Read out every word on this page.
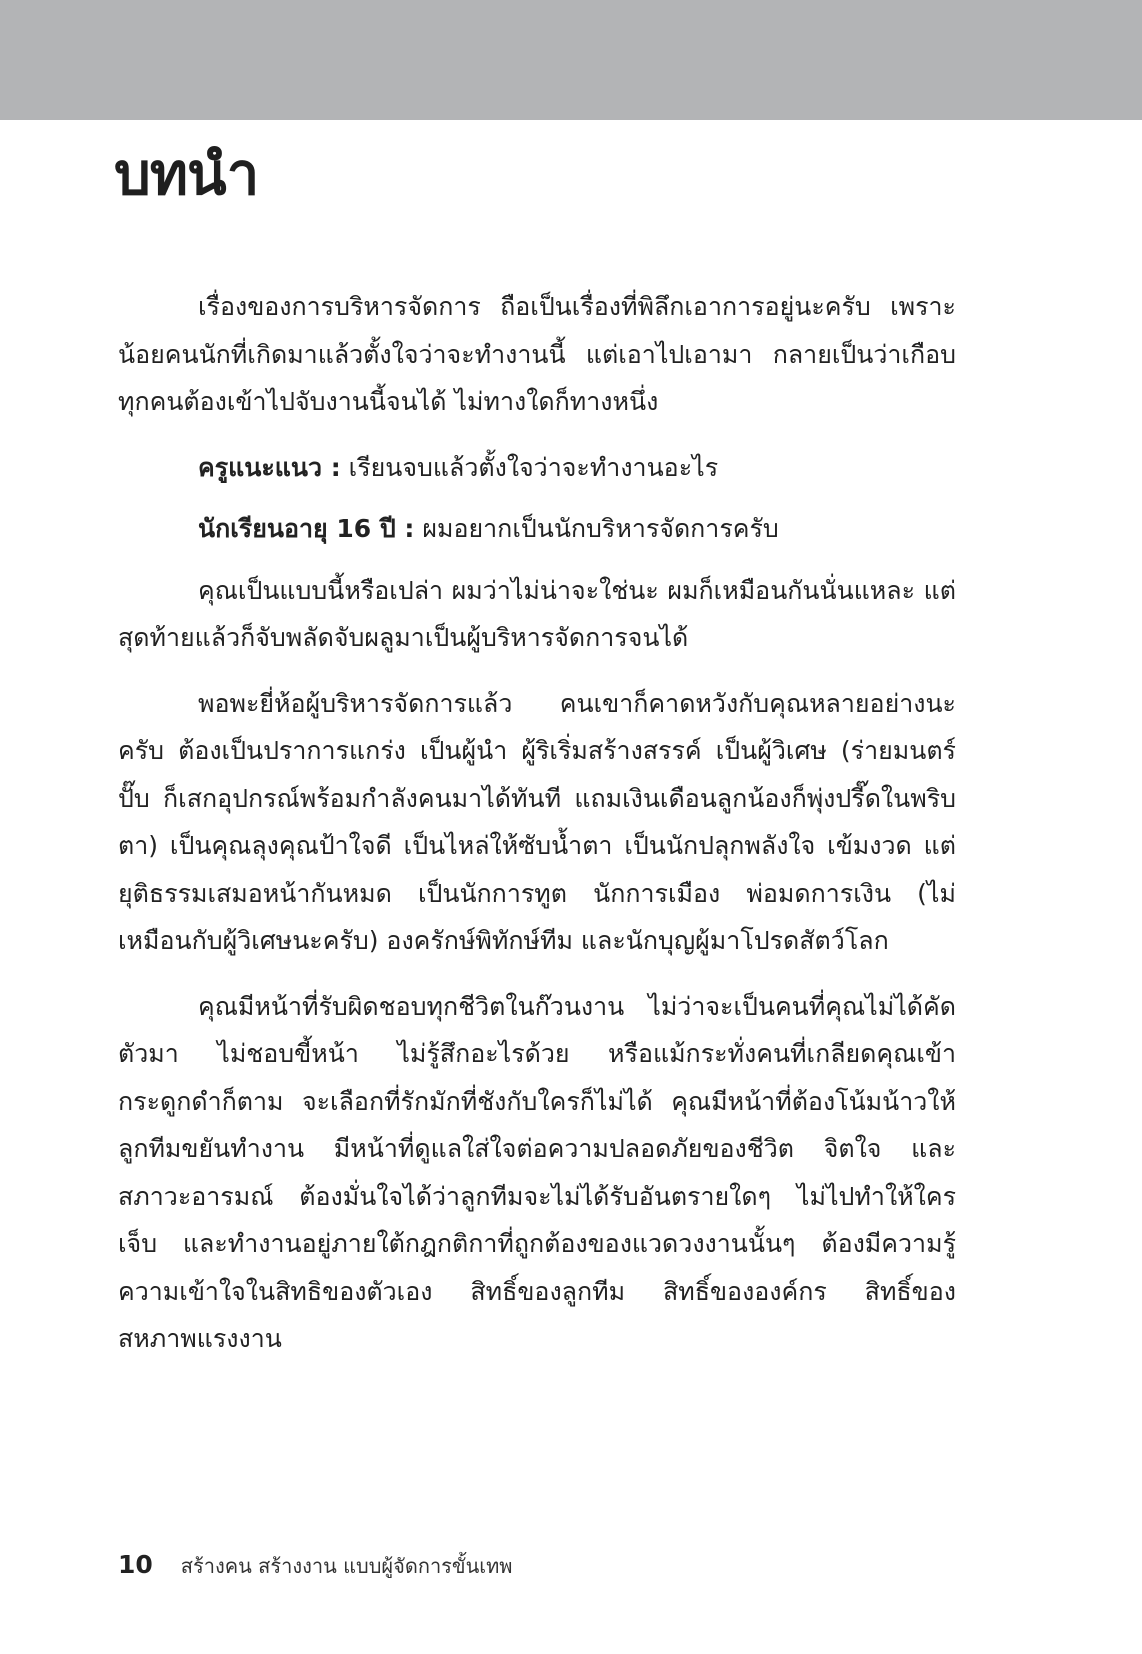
บทนำ

เรื่องของการบริหารจัดการ ถือเป็นเรื่องที่พิลึกเอาการอยู่นะครับ เพราะน้อยคนนักที่เกิดมาแล้วตั้งใจว่าจะทำงานนี้ แต่เอาไปเอามา กลายเป็นว่าเกือบทุกคนต้องเข้าไปจับงานนี้จนได้ ไม่ทางใดก็ทางหนึ่ง

ครูแนะแนว : เรียนจบแล้วตั้งใจว่าจะทำงานอะไร

นักเรียนอายุ 16 ปี : ผมอยากเป็นนักบริหารจัดการครับ

คุณเป็นแบบนี้หรือเปล่า ผมว่าไม่น่าจะใช่นะ ผมก็เหมือนกันนั่นแหละ แต่สุดท้ายแล้วก็จับพลัดจับผลูมาเป็นผู้บริหารจัดการจนได้

พอพะยี่ห้อผู้บริหารจัดการแล้ว คนเขาก็คาดหวังกับคุณหลายอย่างนะครับ ต้องเป็นปราการแกร่ง เป็นผู้นำ ผู้ริเริ่มสร้างสรรค์ เป็นผู้วิเศษ (ร่ายมนตร์ปั๊บ ก็เสกอุปกรณ์พร้อมกำลังคนมาได้ทันที แถมเงินเดือนลูกน้องก็พุ่งปรี๊ดในพริบตา) เป็นคุณลุงคุณป้าใจดี เป็นไหล่ให้ซับน้ำตา เป็นนักปลุกพลังใจ เข้มงวด แต่ยุติธรรมเสมอหน้ากันหมด เป็นนักการทูต นักการเมือง พ่อมดการเงิน (ไม่เหมือนกับผู้วิเศษนะครับ) องครักษ์พิทักษ์ทีม และนักบุญผู้มาโปรดสัตว์โลก

คุณมีหน้าที่รับผิดชอบทุกชีวิตในก๊วนงาน ไม่ว่าจะเป็นคนที่คุณไม่ได้คัดตัวมา ไม่ชอบขี้หน้า ไม่รู้สึกอะไรด้วย หรือแม้กระทั่งคนที่เกลียดคุณเข้ากระดูกดำก็ตาม จะเลือกที่รักมักที่ชังกับใครก็ไม่ได้ คุณมีหน้าที่ต้องโน้มน้าวให้ลูกทีมขยันทำงาน มีหน้าที่ดูแลใส่ใจต่อความปลอดภัยของชีวิต จิตใจ และสภาวะอารมณ์ ต้องมั่นใจได้ว่าลูกทีมจะไม่ได้รับอันตรายใดๆ ไม่ไปทำให้ใครเจ็บ และทำงานอยู่ภายใต้กฎกติกาที่ถูกต้องของแวดวงงานนั้นๆ ต้องมีความรู้ความเข้าใจในสิทธิของตัวเอง สิทธิ์ของลูกทีม สิทธิ์ขององค์กร สิทธิ์ของสหภาพแรงงาน

10 สร้างคน สร้างงาน แบบผู้จัดการขั้นเทพ
